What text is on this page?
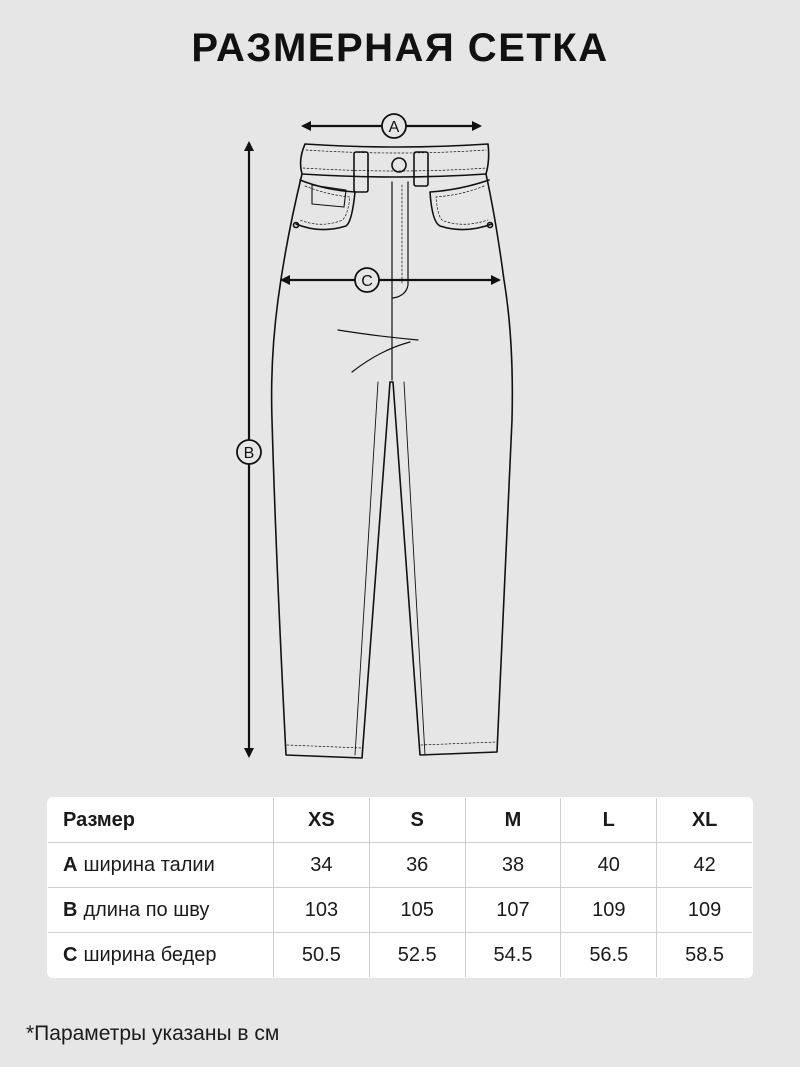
РАЗМЕРНАЯ СЕТКА
A
C
B
Размер	XS	S	M	L	XL
A ширина талии	34	36	38	40	42
B длина по шву	103	105	107	109	109
C ширина бедер	50.5	52.5	54.5	56.5	58.5
*Параметры указаны в см
